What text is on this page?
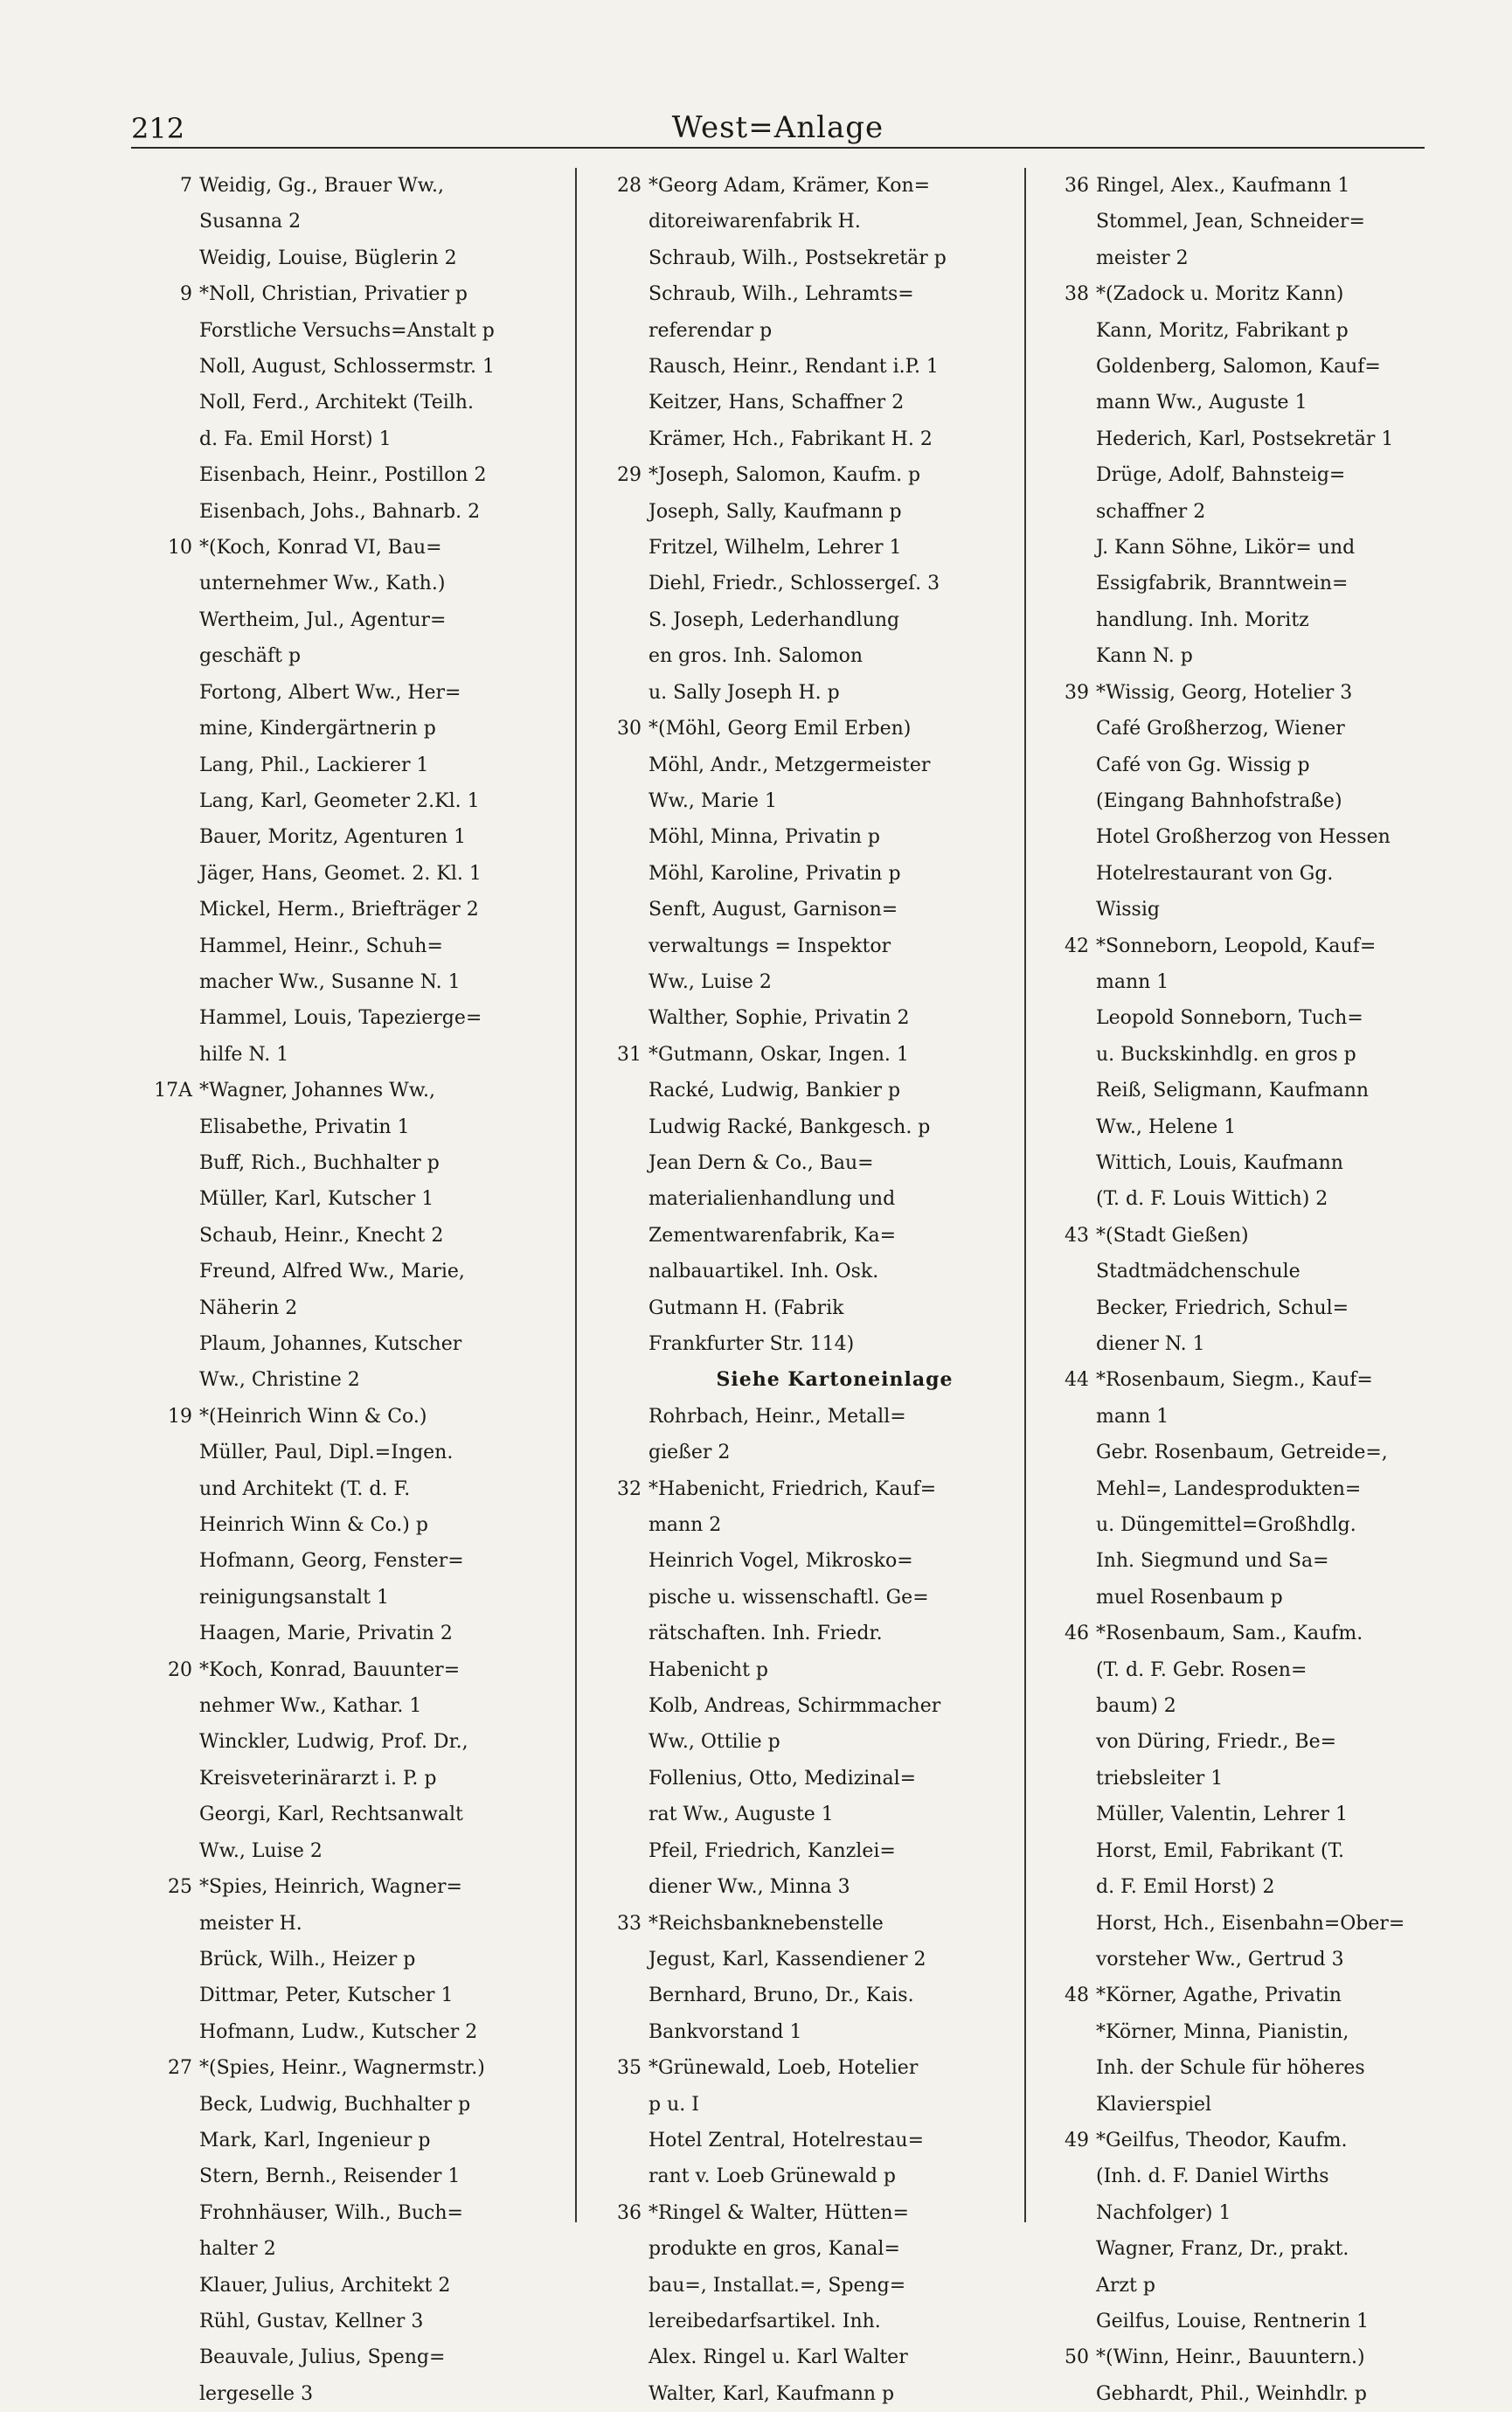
212	West=Anlage
7 Weidig, Gg., Brauer Ww.,
Susanna 2
Weidig, Louise, Büglerin 2
9 *Noll, Christian, Privatier p
Forstliche Versuchs=Anstalt p
Noll, August, Schlossermstr. 1
Noll, Ferd., Architekt (Teilh.
d. Fa. Emil Horst) 1
Eisenbach, Heinr., Postillon 2
Eisenbach, Johs., Bahnarb. 2
10 *(Koch, Konrad VI, Bau=
unternehmer Ww., Kath.)
Wertheim, Jul., Agentur=
geschäft p
Fortong, Albert Ww., Her=
mine, Kindergärtnerin p
Lang, Phil., Lackierer 1
Lang, Karl, Geometer 2.Kl. 1
Bauer, Moritz, Agenturen 1
Jäger, Hans, Geomet. 2. Kl. 1
Mickel, Herm., Briefträger 2
Hammel, Heinr., Schuh=
macher Ww., Susanne N. 1
Hammel, Louis, Tapezierge=
hilfe N. 1
17A *Wagner, Johannes Ww.,
Elisabethe, Privatin 1
Buff, Rich., Buchhalter p
Müller, Karl, Kutscher 1
Schaub, Heinr., Knecht 2
Freund, Alfred Ww., Marie,
Näherin 2
Plaum, Johannes, Kutscher
Ww., Christine 2
19 *(Heinrich Winn & Co.)
Müller, Paul, Dipl.=Ingen.
und Architekt (T. d. F.
Heinrich Winn & Co.) p
Hofmann, Georg, Fenster=
reinigungsanstalt 1
Haagen, Marie, Privatin 2
20 *Koch, Konrad, Bauunter=
nehmer Ww., Kathar. 1
Winckler, Ludwig, Prof. Dr.,
Kreisveterinärarzt i. P. p
Georgi, Karl, Rechtsanwalt
Ww., Luise 2
25 *Spies, Heinrich, Wagner=
meister H.
Brück, Wilh., Heizer p
Dittmar, Peter, Kutscher 1
Hofmann, Ludw., Kutscher 2
27 *(Spies, Heinr., Wagnermstr.)
Beck, Ludwig, Buchhalter p
Mark, Karl, Ingenieur p
Stern, Bernh., Reisender 1
Frohnhäuser, Wilh., Buch=
halter 2
Klauer, Julius, Architekt 2
Rühl, Gustav, Kellner 3
Beauvale, Julius, Speng=
lergeselle 3
28 *Georg Adam, Krämer, Kon=
ditoreiwarenfabrik H.
Schraub, Wilh., Postsekretär p
Schraub, Wilh., Lehramts=
referendar p
Rausch, Heinr., Rendant i.P. 1
Keitzer, Hans, Schaffner 2
Krämer, Hch., Fabrikant H. 2
29 *Joseph, Salomon, Kaufm. p
Joseph, Sally, Kaufmann p
Fritzel, Wilhelm, Lehrer 1
Diehl, Friedr., Schlossergeſ. 3
S. Joseph, Lederhandlung
en gros. Inh. Salomon
u. Sally Joseph H. p
30 *(Möhl, Georg Emil Erben)
Möhl, Andr., Metzgermeister
Ww., Marie 1
Möhl, Minna, Privatin p
Möhl, Karoline, Privatin p
Senft, August, Garnison=
verwaltungs = Inspektor
Ww., Luise 2
Walther, Sophie, Privatin 2
31 *Gutmann, Oskar, Ingen. 1
Racké, Ludwig, Bankier p
Ludwig Racké, Bankgesch. p
Jean Dern & Co., Bau=
materialienhandlung und
Zementwarenfabrik, Ka=
nalbauartikel. Inh. Osk.
Gutmann H. (Fabrik
Frankfurter Str. 114)
Siehe Kartoneinlage
Rohrbach, Heinr., Metall=
gießer 2
32 *Habenicht, Friedrich, Kauf=
mann 2
Heinrich Vogel, Mikrosko=
pische u. wissenschaftl. Ge=
rätschaften. Inh. Friedr.
Habenicht p
Kolb, Andreas, Schirmmacher
Ww., Ottilie p
Follenius, Otto, Medizinal=
rat Ww., Auguste 1
Pfeil, Friedrich, Kanzlei=
diener Ww., Minna 3
33 *Reichsbanknebenstelle
Jegust, Karl, Kassendiener 2
Bernhard, Bruno, Dr., Kais.
Bankvorstand 1
35 *Grünewald, Loeb, Hotelier
p u. I
Hotel Zentral, Hotelrestau=
rant v. Loeb Grünewald p
36 *Ringel & Walter, Hütten=
produkte en gros, Kanal=
bau=, Installat.=, Speng=
lereibedarfsartikel. Inh.
Alex. Ringel u. Karl Walter
Walter, Karl, Kaufmann p
36 Ringel, Alex., Kaufmann 1
Stommel, Jean, Schneider=
meister 2
38 *(Zadock u. Moritz Kann)
Kann, Moritz, Fabrikant p
Goldenberg, Salomon, Kauf=
mann Ww., Auguste 1
Hederich, Karl, Postsekretär 1
Drüge, Adolf, Bahnsteig=
schaffner 2
J. Kann Söhne, Likör= und
Essigfabrik, Branntwein=
handlung. Inh. Moritz
Kann N. p
39 *Wissig, Georg, Hotelier 3
Café Großherzog, Wiener
Café von Gg. Wissig p
(Eingang Bahnhofstraße)
Hotel Großherzog von Hessen
Hotelrestaurant von Gg.
Wissig
42 *Sonneborn, Leopold, Kauf=
mann 1
Leopold Sonneborn, Tuch=
u. Buckskinhdlg. en gros p
Reiß, Seligmann, Kaufmann
Ww., Helene 1
Wittich, Louis, Kaufmann
(T. d. F. Louis Wittich) 2
43 *(Stadt Gießen)
Stadtmädchenschule
Becker, Friedrich, Schul=
diener N. 1
44 *Rosenbaum, Siegm., Kauf=
mann 1
Gebr. Rosenbaum, Getreide=,
Mehl=, Landesprodukten=
u. Düngemittel=Großhdlg.
Inh. Siegmund und Sa=
muel Rosenbaum p
46 *Rosenbaum, Sam., Kaufm.
(T. d. F. Gebr. Rosen=
baum) 2
von Düring, Friedr., Be=
triebsleiter 1
Müller, Valentin, Lehrer 1
Horst, Emil, Fabrikant (T.
d. F. Emil Horst) 2
Horst, Hch., Eisenbahn=Ober=
vorsteher Ww., Gertrud 3
48 *Körner, Agathe, Privatin
*Körner, Minna, Pianistin,
Inh. der Schule für höheres
Klavierspiel
49 *Geilfus, Theodor, Kaufm.
(Inh. d. F. Daniel Wirths
Nachfolger) 1
Wagner, Franz, Dr., prakt.
Arzt p
Geilfus, Louise, Rentnerin 1
50 *(Winn, Heinr., Bauuntern.)
Gebhardt, Phil., Weinhdlr. p
